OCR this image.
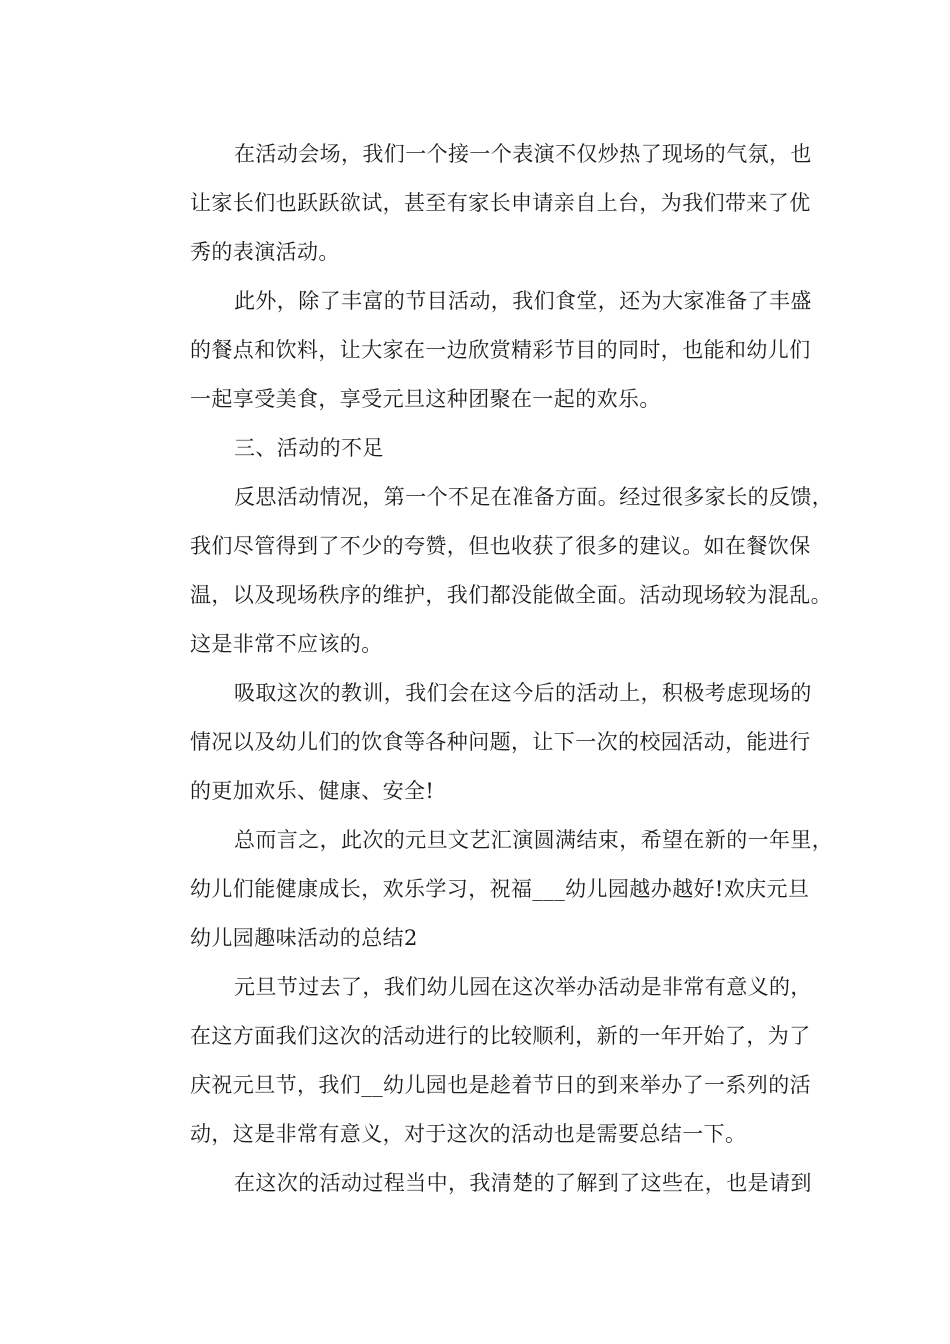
在活动会场，我们一个接一个表演不仅炒热了现场的气氛，也
让家长们也跃跃欲试，甚至有家长申请亲自上台，为我们带来了优
秀的表演活动。

此外，除了丰富的节目活动，我们食堂，还为大家准备了丰盛
的餐点和饮料，让大家在一边欣赏精彩节目的同时，也能和幼儿们
一起享受美食，享受元旦这种团聚在一起的欢乐。

三、活动的不足

反思活动情况，第一个不足在准备方面。经过很多家长的反馈，
我们尽管得到了不少的夸赞，但也收获了很多的建议。如在餐饮保
温，以及现场秩序的维护，我们都没能做全面。活动现场较为混乱。
这是非常不应该的。

吸取这次的教训，我们会在这今后的活动上，积极考虑现场的
情况以及幼儿们的饮食等各种问题，让下一次的校园活动，能进行
的更加欢乐、健康、安全!

总而言之，此次的元旦文艺汇演圆满结束，希望在新的一年里，
幼儿们能健康成长，欢乐学习，祝福___幼儿园越办越好!欢庆元旦
幼儿园趣味活动的总结2

元旦节过去了，我们幼儿园在这次举办活动是非常有意义的，
在这方面我们这次的活动进行的比较顺利，新的一年开始了，为了
庆祝元旦节，我们__幼儿园也是趁着节日的到来举办了一系列的活
动，这是非常有意义，对于这次的活动也是需要总结一下。

在这次的活动过程当中，我清楚的了解到了这些在，也是请到
